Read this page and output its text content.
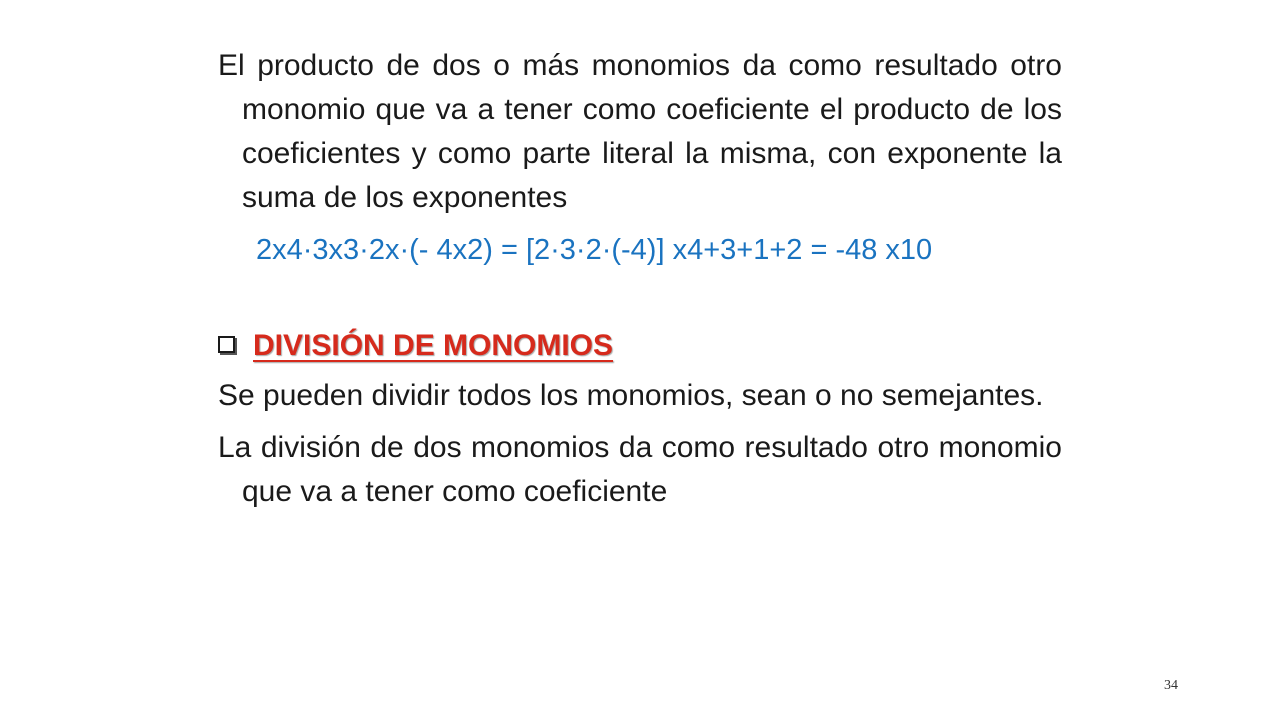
El producto de dos o más monomios da como resultado otro monomio que va a tener como coeficiente el producto de los coeficientes y como parte literal la misma, con exponente la suma de los exponentes

2x4·3x3·2x·(- 4x2) = [2·3·2·(-4)] x4+3+1+2 = -48 x10
DIVISIÓN DE MONOMIOS

Se pueden dividir todos los monomios, sean o no semejantes.

La división de dos monomios da como resultado otro monomio que va a tener como coeficiente

34
